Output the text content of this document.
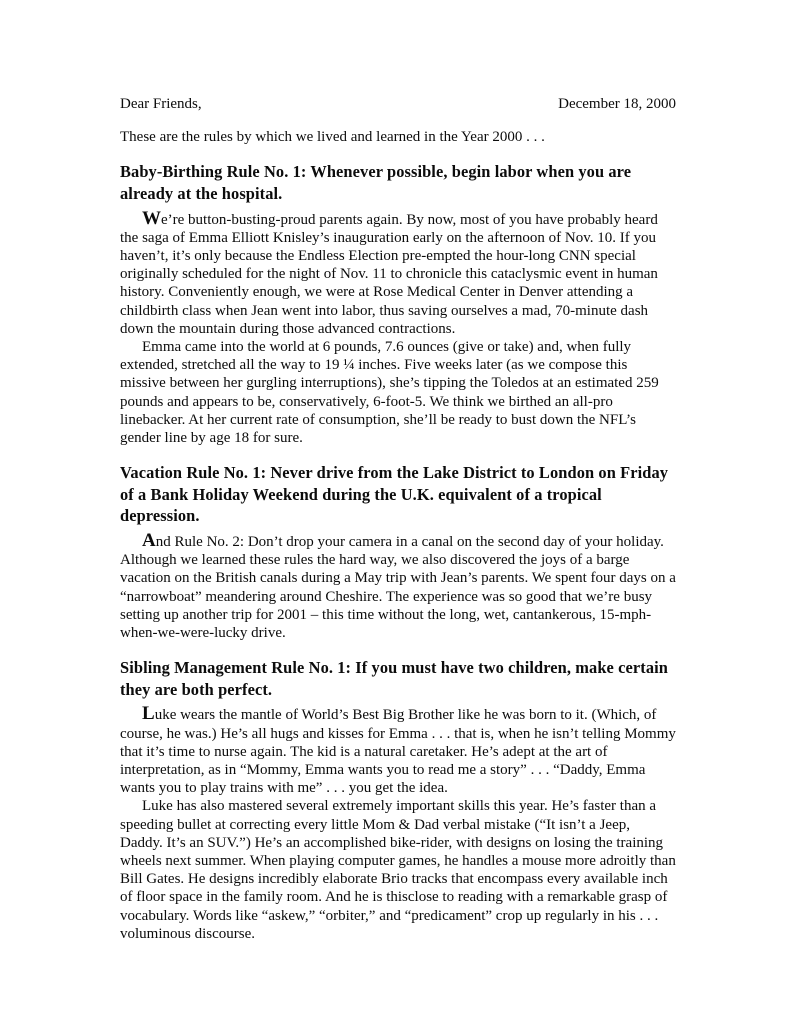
Dear Friends,	December 18, 2000

These are the rules by which we lived and learned in the Year 2000 . . .

Baby-Birthing Rule No. 1: Whenever possible, begin labor when you are already at the hospital.

We’re button-busting-proud parents again. By now, most of you have probably heard the saga of Emma Elliott Knisley’s inauguration early on the afternoon of Nov. 10. If you haven’t, it’s only because the Endless Election pre-empted the hour-long CNN special originally scheduled for the night of Nov. 11 to chronicle this cataclysmic event in human history. Conveniently enough, we were at Rose Medical Center in Denver attending a childbirth class when Jean went into labor, thus saving ourselves a mad, 70-minute dash down the mountain during those advanced contractions.

Emma came into the world at 6 pounds, 7.6 ounces (give or take) and, when fully extended, stretched all the way to 19 ¼ inches. Five weeks later (as we compose this missive between her gurgling interruptions), she’s tipping the Toledos at an estimated 259 pounds and appears to be, conservatively, 6-foot-5. We think we birthed an all-pro linebacker. At her current rate of consumption, she’ll be ready to bust down the NFL’s gender line by age 18 for sure.

Vacation Rule No. 1: Never drive from the Lake District to London on Friday of a Bank Holiday Weekend during the U.K. equivalent of a tropical depression.

And Rule No. 2: Don’t drop your camera in a canal on the second day of your holiday. Although we learned these rules the hard way, we also discovered the joys of a barge vacation on the British canals during a May trip with Jean’s parents. We spent four days on a “narrowboat” meandering around Cheshire. The experience was so good that we’re busy setting up another trip for 2001 – this time without the long, wet, cantankerous, 15-mph-when-we-were-lucky drive.

Sibling Management Rule No. 1: If you must have two children, make certain they are both perfect.

Luke wears the mantle of World’s Best Big Brother like he was born to it. (Which, of course, he was.) He’s all hugs and kisses for Emma . . . that is, when he isn’t telling Mommy that it’s time to nurse again. The kid is a natural caretaker. He’s adept at the art of interpretation, as in “Mommy, Emma wants you to read me a story” . . . “Daddy, Emma wants you to play trains with me” . . . you get the idea.

Luke has also mastered several extremely important skills this year. He’s faster than a speeding bullet at correcting every little Mom & Dad verbal mistake (“It isn’t a Jeep, Daddy. It’s an SUV.”) He’s an accomplished bike-rider, with designs on losing the training wheels next summer. When playing computer games, he handles a mouse more adroitly than Bill Gates. He designs incredibly elaborate Brio tracks that encompass every available inch of floor space in the family room. And he is thisclose to reading with a remarkable grasp of vocabulary. Words like “askew,” “orbiter,” and “predicament” crop up regularly in his . . . voluminous discourse.
